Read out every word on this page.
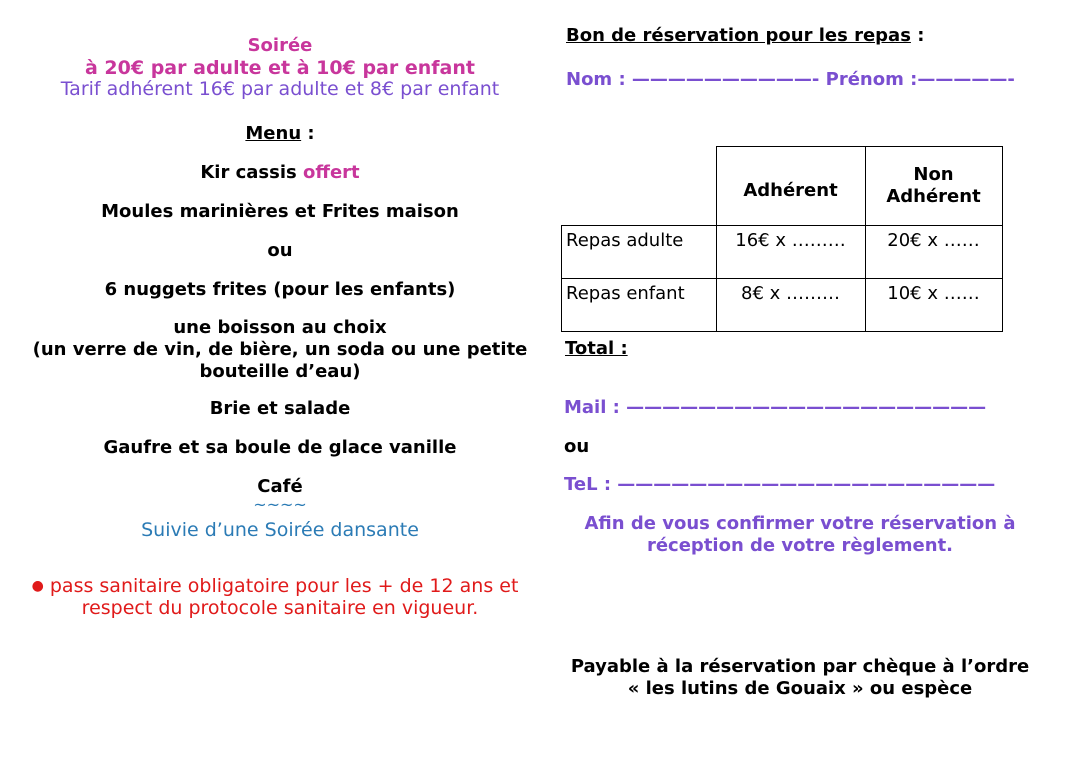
Soirée
à 20€ par adulte et à 10€ par enfant
Tarif adhérent 16€ par adulte et 8€ par enfant
Menu :
Kir cassis offert
Moules marinières et Frites maison
ou
6 nuggets frites (pour les enfants)
une boisson au choix
(un verre de vin, de bière, un soda ou une petite
bouteille d’eau)
Brie et salade
Gaufre et sa boule de glace vanille
Café
~~~~
Suivie d’une Soirée dansante
● pass sanitaire obligatoire pour les + de 12 ans et
respect du protocole sanitaire en vigueur.
Bon de réservation pour les repas :
Nom : ——————————- Prénom :—————-
	Adhérent	Non
Adhérent

Repas adulte	16€ x ………	20€ x ……
Repas enfant	8€ x ………	10€ x ……
Total :
Mail : ————————————————————
ou
TeL : —————————————————————
Afin de vous confirmer votre réservation à
réception de votre règlement.
Payable à la réservation par chèque à l’ordre
« les lutins de Gouaix » ou espèce
